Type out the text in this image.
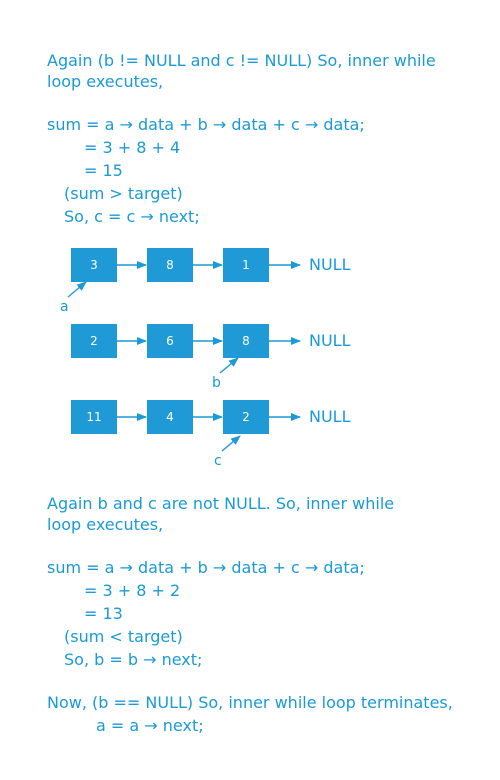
Again (b != NULL and c != NULL) So, inner while
loop executes,
sum = a → data + b → data + c → data;
= 3 + 8 + 4
= 15
(sum > target)
So, c = c → next;
3	8	1	NULL
a
2	6	8	NULL
b
11	4	2	NULL
c
Again b and c are not NULL. So, inner while
loop executes,
sum = a → data + b → data + c → data;
= 3 + 8 + 2
= 13
(sum < target)
So, b = b → next;
Now, (b == NULL) So, inner while loop terminates,
a = a → next;
